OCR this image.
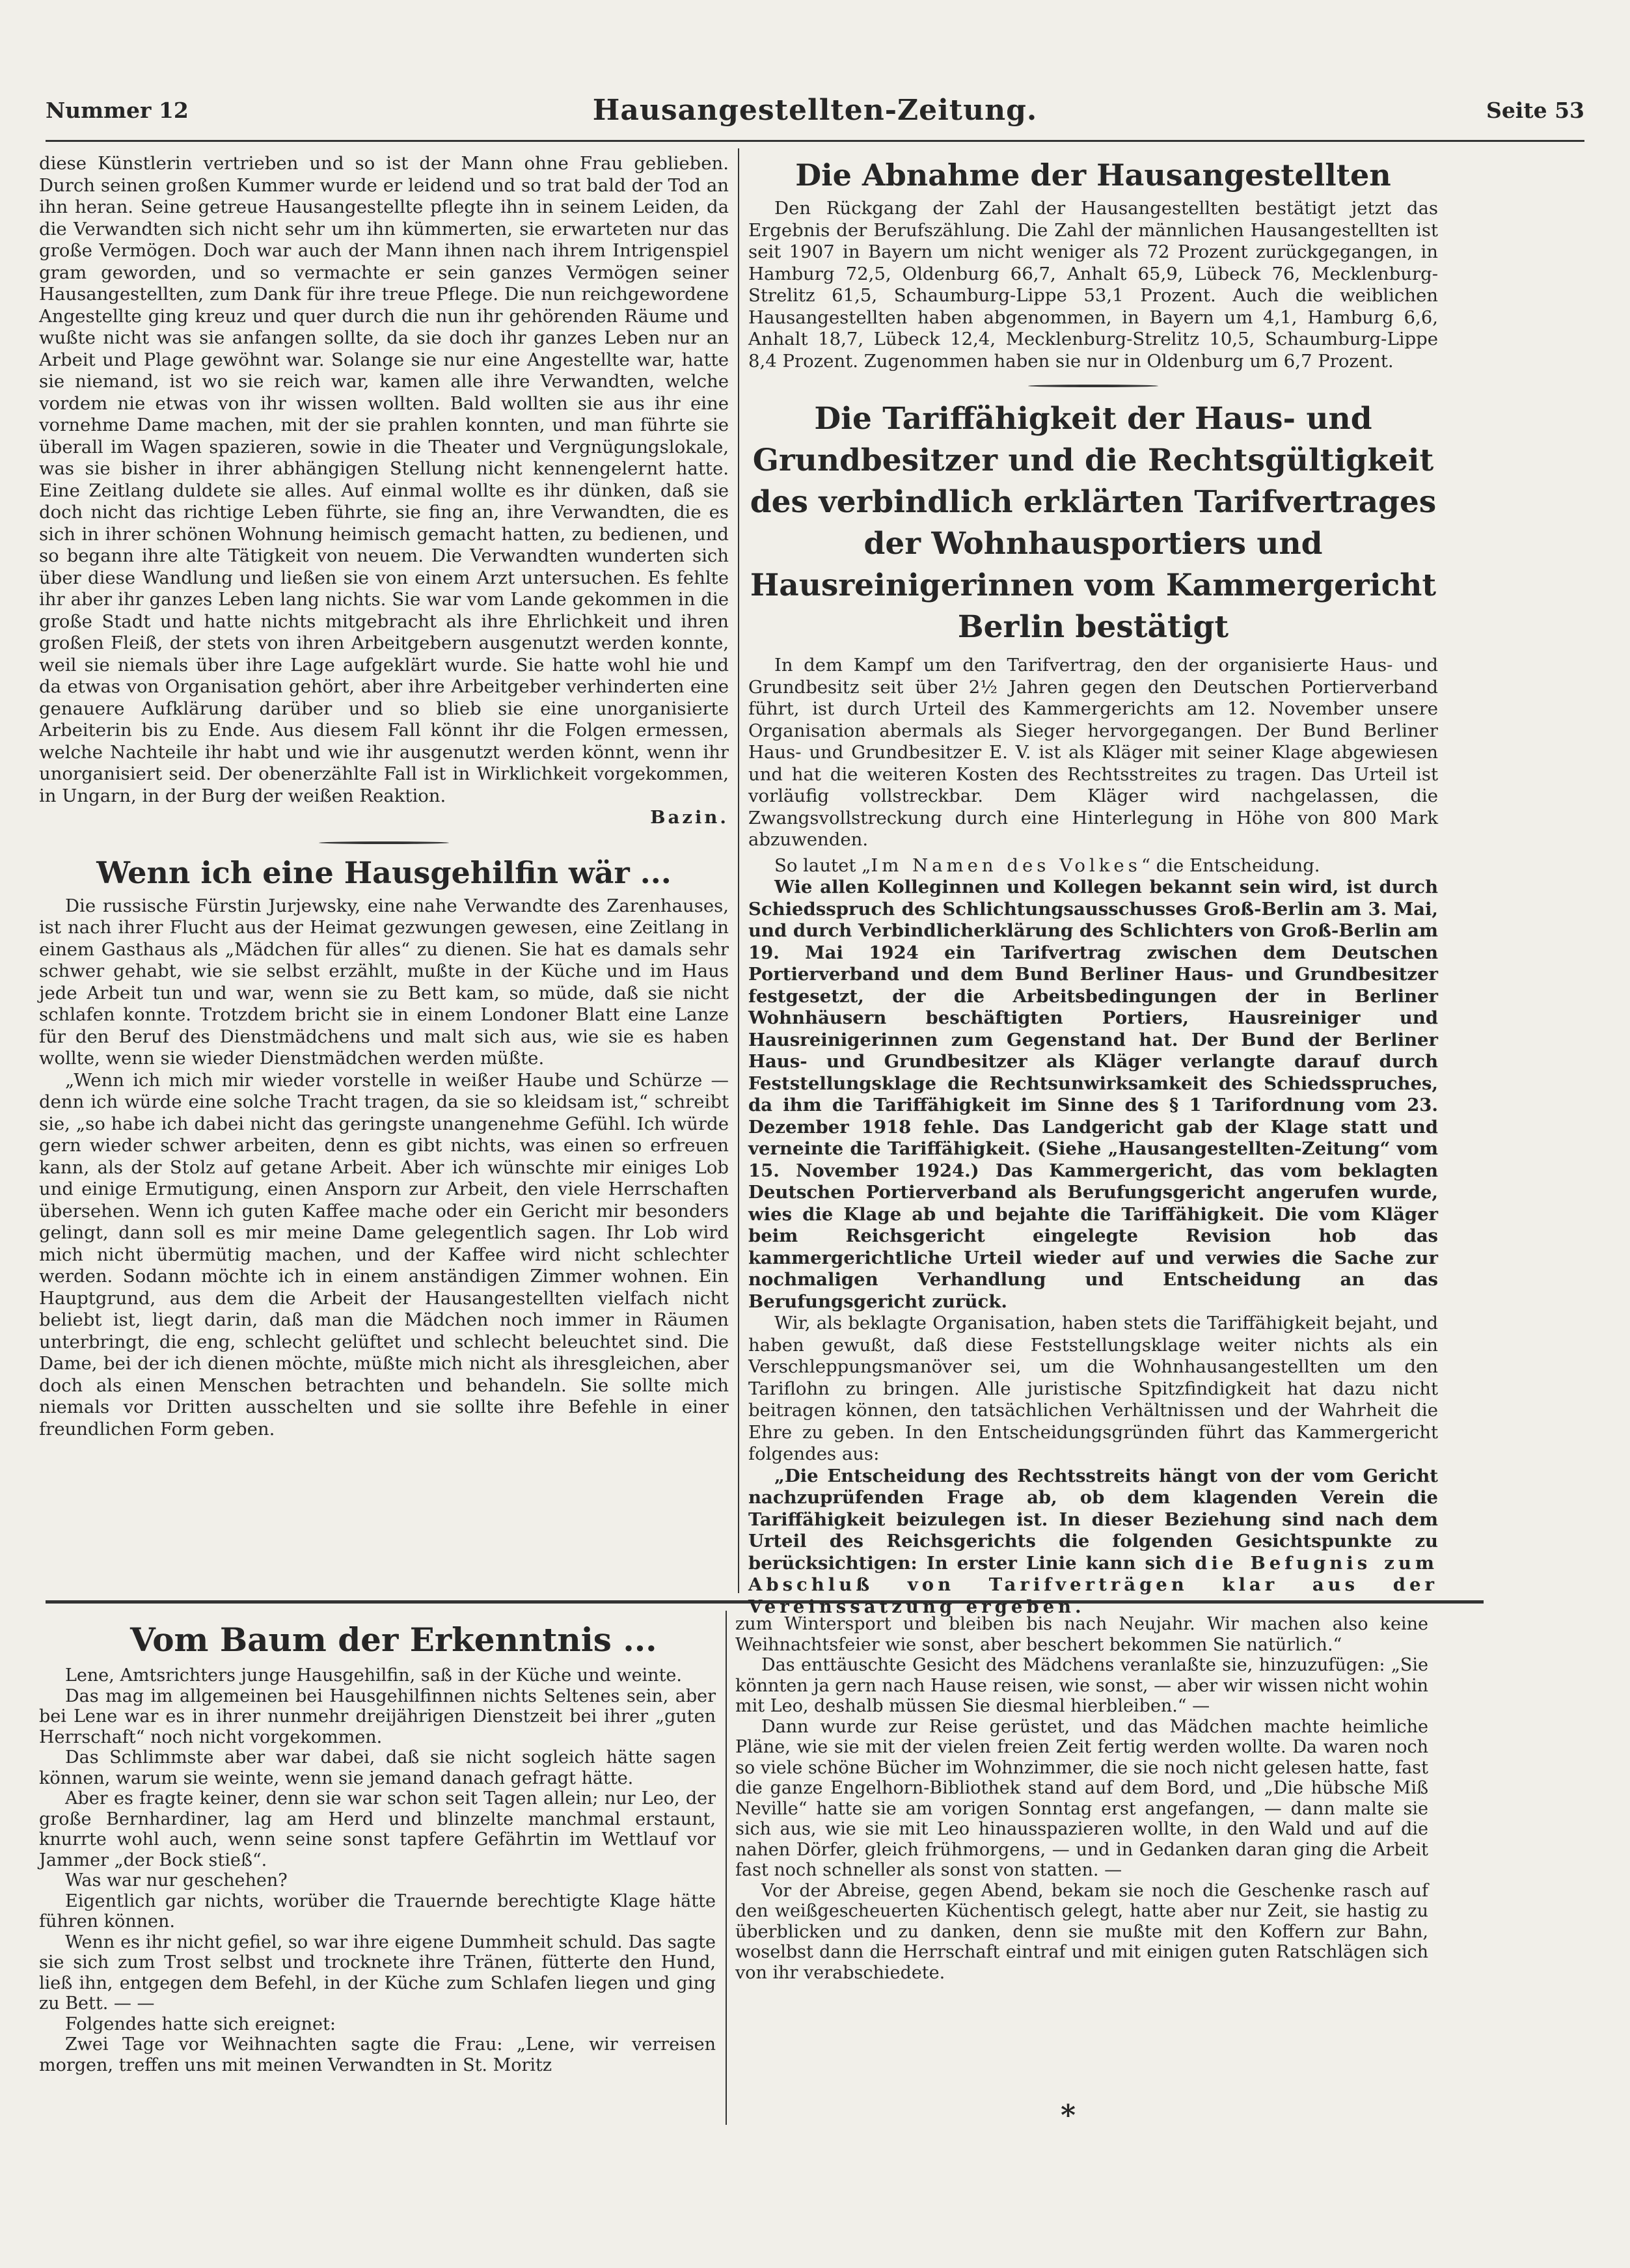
Nummer 12	Hausangestellten-Zeitung.	Seite 53

diese Künstlerin vertrieben und so ist der Mann ohne Frau geblieben. Durch seinen großen Kummer wurde er leidend und so trat bald der Tod an ihn heran. Seine getreue Hausangestellte pflegte ihn in seinem Leiden, da die Verwandten sich nicht sehr um ihn kümmerten, sie erwarteten nur das große Vermögen. Doch war auch der Mann ihnen nach ihrem Intrigenspiel gram geworden, und so vermachte er sein ganzes Vermögen seiner Hausangestellten, zum Dank für ihre treue Pflege. Die nun reichgewordene Angestellte ging kreuz und quer durch die nun ihr gehörenden Räume und wußte nicht was sie anfangen sollte, da sie doch ihr ganzes Leben nur an Arbeit und Plage gewöhnt war. Solange sie nur eine Angestellte war, hatte sie niemand, ist wo sie reich war, kamen alle ihre Verwandten, welche vordem nie etwas von ihr wissen wollten. Bald wollten sie aus ihr eine vornehme Dame machen, mit der sie prahlen konnten, und man führte sie überall im Wagen spazieren, sowie in die Theater und Vergnügungslokale, was sie bisher in ihrer abhängigen Stellung nicht kennengelernt hatte. Eine Zeitlang duldete sie alles. Auf einmal wollte es ihr dünken, daß sie doch nicht das richtige Leben führte, sie fing an, ihre Verwandten, die es sich in ihrer schönen Wohnung heimisch gemacht hatten, zu bedienen, und so begann ihre alte Tätigkeit von neuem. Die Verwandten wunderten sich über diese Wandlung und ließen sie von einem Arzt untersuchen. Es fehlte ihr aber ihr ganzes Leben lang nichts. Sie war vom Lande gekommen in die große Stadt und hatte nichts mitgebracht als ihre Ehrlichkeit und ihren großen Fleiß, der stets von ihren Arbeitgebern ausgenutzt werden konnte, weil sie niemals über ihre Lage aufgeklärt wurde. Sie hatte wohl hie und da etwas von Organisation gehört, aber ihre Arbeitgeber verhinderten eine genauere Aufklärung darüber und so blieb sie eine unorganisierte Arbeiterin bis zu Ende. Aus diesem Fall könnt ihr die Folgen ermessen, welche Nachteile ihr habt und wie ihr ausgenutzt werden könnt, wenn ihr unorganisiert seid. Der obenerzählte Fall ist in Wirklichkeit vorgekommen, in Ungarn, in der Burg der weißen Reaktion.

Bazin.

Wenn ich eine Hausgehilfin wär ...

Die russische Fürstin Jurjewsky, eine nahe Verwandte des Zarenhauses, ist nach ihrer Flucht aus der Heimat gezwungen gewesen, eine Zeitlang in einem Gasthaus als „Mädchen für alles“ zu dienen. Sie hat es damals sehr schwer gehabt, wie sie selbst erzählt, mußte in der Küche und im Haus jede Arbeit tun und war, wenn sie zu Bett kam, so müde, daß sie nicht schlafen konnte. Trotzdem bricht sie in einem Londoner Blatt eine Lanze für den Beruf des Dienstmädchens und malt sich aus, wie sie es haben wollte, wenn sie wieder Dienstmädchen werden müßte.

„Wenn ich mich mir wieder vorstelle in weißer Haube und Schürze — denn ich würde eine solche Tracht tragen, da sie so kleidsam ist,“ schreibt sie, „so habe ich dabei nicht das geringste unangenehme Gefühl. Ich würde gern wieder schwer arbeiten, denn es gibt nichts, was einen so erfreuen kann, als der Stolz auf getane Arbeit. Aber ich wünschte mir einiges Lob und einige Ermutigung, einen Ansporn zur Arbeit, den viele Herrschaften übersehen. Wenn ich guten Kaffee mache oder ein Gericht mir besonders gelingt, dann soll es mir meine Dame gelegentlich sagen. Ihr Lob wird mich nicht übermütig machen, und der Kaffee wird nicht schlechter werden. Sodann möchte ich in einem anständigen Zimmer wohnen. Ein Hauptgrund, aus dem die Arbeit der Hausangestellten vielfach nicht beliebt ist, liegt darin, daß man die Mädchen noch immer in Räumen unterbringt, die eng, schlecht gelüftet und schlecht beleuchtet sind. Die Dame, bei der ich dienen möchte, müßte mich nicht als ihresgleichen, aber doch als einen Menschen betrachten und behandeln. Sie sollte mich niemals vor Dritten ausschelten und sie sollte ihre Befehle in einer freundlichen Form geben.

Die Abnahme der Hausangestellten

Den Rückgang der Zahl der Hausangestellten bestätigt jetzt das Ergebnis der Berufszählung. Die Zahl der männlichen Hausangestellten ist seit 1907 in Bayern um nicht weniger als 72 Prozent zurückgegangen, in Hamburg 72,5, Oldenburg 66,7, Anhalt 65,9, Lübeck 76, Mecklenburg-Strelitz 61,5, Schaumburg-Lippe 53,1 Prozent. Auch die weiblichen Hausangestellten haben abgenommen, in Bayern um 4,1, Hamburg 6,6, Anhalt 18,7, Lübeck 12,4, Mecklenburg-Strelitz 10,5, Schaumburg-Lippe 8,4 Prozent. Zugenommen haben sie nur in Oldenburg um 6,7 Prozent.

Die Tariffähigkeit der Haus- und Grundbesitzer und die Rechtsgültigkeit des verbindlich erklärten Tarifvertrages der Wohnhausportiers und Hausreinigerinnen vom Kammergericht Berlin bestätigt

In dem Kampf um den Tarifvertrag, den der organisierte Haus- und Grundbesitz seit über 2½ Jahren gegen den Deutschen Portierverband führt, ist durch Urteil des Kammergerichts am 12. November unsere Organisation abermals als Sieger hervorgegangen. Der Bund Berliner Haus- und Grundbesitzer E. V. ist als Kläger mit seiner Klage abgewiesen und hat die weiteren Kosten des Rechtsstreites zu tragen. Das Urteil ist vorläufig vollstreckbar. Dem Kläger wird nachgelassen, die Zwangsvollstreckung durch eine Hinterlegung in Höhe von 800 Mark abzuwenden.

So lautet „Im Namen des Volkes“ die Entscheidung.

Wie allen Kolleginnen und Kollegen bekannt sein wird, ist durch Schiedsspruch des Schlichtungsausschusses Groß-Berlin am 3. Mai, und durch Verbindlicherklärung des Schlichters von Groß-Berlin am 19. Mai 1924 ein Tarifvertrag zwischen dem Deutschen Portierverband und dem Bund Berliner Haus- und Grundbesitzer festgesetzt, der die Arbeitsbedingungen der in Berliner Wohnhäusern beschäftigten Portiers, Hausreiniger und Hausreinigerinnen zum Gegenstand hat. Der Bund der Berliner Haus- und Grundbesitzer als Kläger verlangte darauf durch Feststellungsklage die Rechtsunwirksamkeit des Schiedsspruches, da ihm die Tariffähigkeit im Sinne des § 1 Tarifordnung vom 23. Dezember 1918 fehle. Das Landgericht gab der Klage statt und verneinte die Tariffähigkeit. (Siehe „Hausangestellten-Zeitung“ vom 15. November 1924.) Das Kammergericht, das vom beklagten Deutschen Portierverband als Berufungsgericht angerufen wurde, wies die Klage ab und bejahte die Tariffähigkeit. Die vom Kläger beim Reichsgericht eingelegte Revision hob das kammergerichtliche Urteil wieder auf und verwies die Sache zur nochmaligen Verhandlung und Entscheidung an das Berufungsgericht zurück.

Wir, als beklagte Organisation, haben stets die Tariffähigkeit bejaht, und haben gewußt, daß diese Feststellungsklage weiter nichts als ein Verschleppungsmanöver sei, um die Wohnhausangestellten um den Tariflohn zu bringen. Alle juristische Spitzfindigkeit hat dazu nicht beitragen können, den tatsächlichen Verhältnissen und der Wahrheit die Ehre zu geben. In den Entscheidungsgründen führt das Kammergericht folgendes aus:

„Die Entscheidung des Rechtsstreits hängt von der vom Gericht nachzuprüfenden Frage ab, ob dem klagenden Verein die Tariffähigkeit beizulegen ist. In dieser Beziehung sind nach dem Urteil des Reichsgerichts die folgenden Gesichtspunkte zu berücksichtigen: In erster Linie kann sich die Befugnis zum Abschluß von Tarifverträgen klar aus der Vereinssatzung ergeben.

Vom Baum der Erkenntnis ...

Lene, Amtsrichters junge Hausgehilfin, saß in der Küche und weinte.

Das mag im allgemeinen bei Hausgehilfinnen nichts Seltenes sein, aber bei Lene war es in ihrer nunmehr dreijährigen Dienstzeit bei ihrer „guten Herrschaft“ noch nicht vorgekommen.

Das Schlimmste aber war dabei, daß sie nicht sogleich hätte sagen können, warum sie weinte, wenn sie jemand danach gefragt hätte.

Aber es fragte keiner, denn sie war schon seit Tagen allein; nur Leo, der große Bernhardiner, lag am Herd und blinzelte manchmal erstaunt, knurrte wohl auch, wenn seine sonst tapfere Gefährtin im Wettlauf vor Jammer „der Bock stieß“.

Was war nur geschehen?

Eigentlich gar nichts, worüber die Trauernde berechtigte Klage hätte führen können.

Wenn es ihr nicht gefiel, so war ihre eigene Dummheit schuld. Das sagte sie sich zum Trost selbst und trocknete ihre Tränen, fütterte den Hund, ließ ihn, entgegen dem Befehl, in der Küche zum Schlafen liegen und ging zu Bett. — —

Folgendes hatte sich ereignet:

Zwei Tage vor Weihnachten sagte die Frau: „Lene, wir verreisen morgen, treffen uns mit meinen Verwandten in St. Moritz

zum Wintersport und bleiben bis nach Neujahr. Wir machen also keine Weihnachtsfeier wie sonst, aber beschert bekommen Sie natürlich.“

Das enttäuschte Gesicht des Mädchens veranlaßte sie, hinzuzufügen: „Sie könnten ja gern nach Hause reisen, wie sonst, — aber wir wissen nicht wohin mit Leo, deshalb müssen Sie diesmal hierbleiben.“ —

Dann wurde zur Reise gerüstet, und das Mädchen machte heimliche Pläne, wie sie mit der vielen freien Zeit fertig werden wollte. Da waren noch so viele schöne Bücher im Wohnzimmer, die sie noch nicht gelesen hatte, fast die ganze Engelhorn-Bibliothek stand auf dem Bord, und „Die hübsche Miß Neville“ hatte sie am vorigen Sonntag erst angefangen, — dann malte sie sich aus, wie sie mit Leo hinausspazieren wollte, in den Wald und auf die nahen Dörfer, gleich frühmorgens, — und in Gedanken daran ging die Arbeit fast noch schneller als sonst von statten. —

Vor der Abreise, gegen Abend, bekam sie noch die Geschenke rasch auf den weißgescheuerten Küchentisch gelegt, hatte aber nur Zeit, sie hastig zu überblicken und zu danken, denn sie mußte mit den Koffern zur Bahn, woselbst dann die Herrschaft eintraf und mit einigen guten Ratschlägen sich von ihr verabschiedete.

*
